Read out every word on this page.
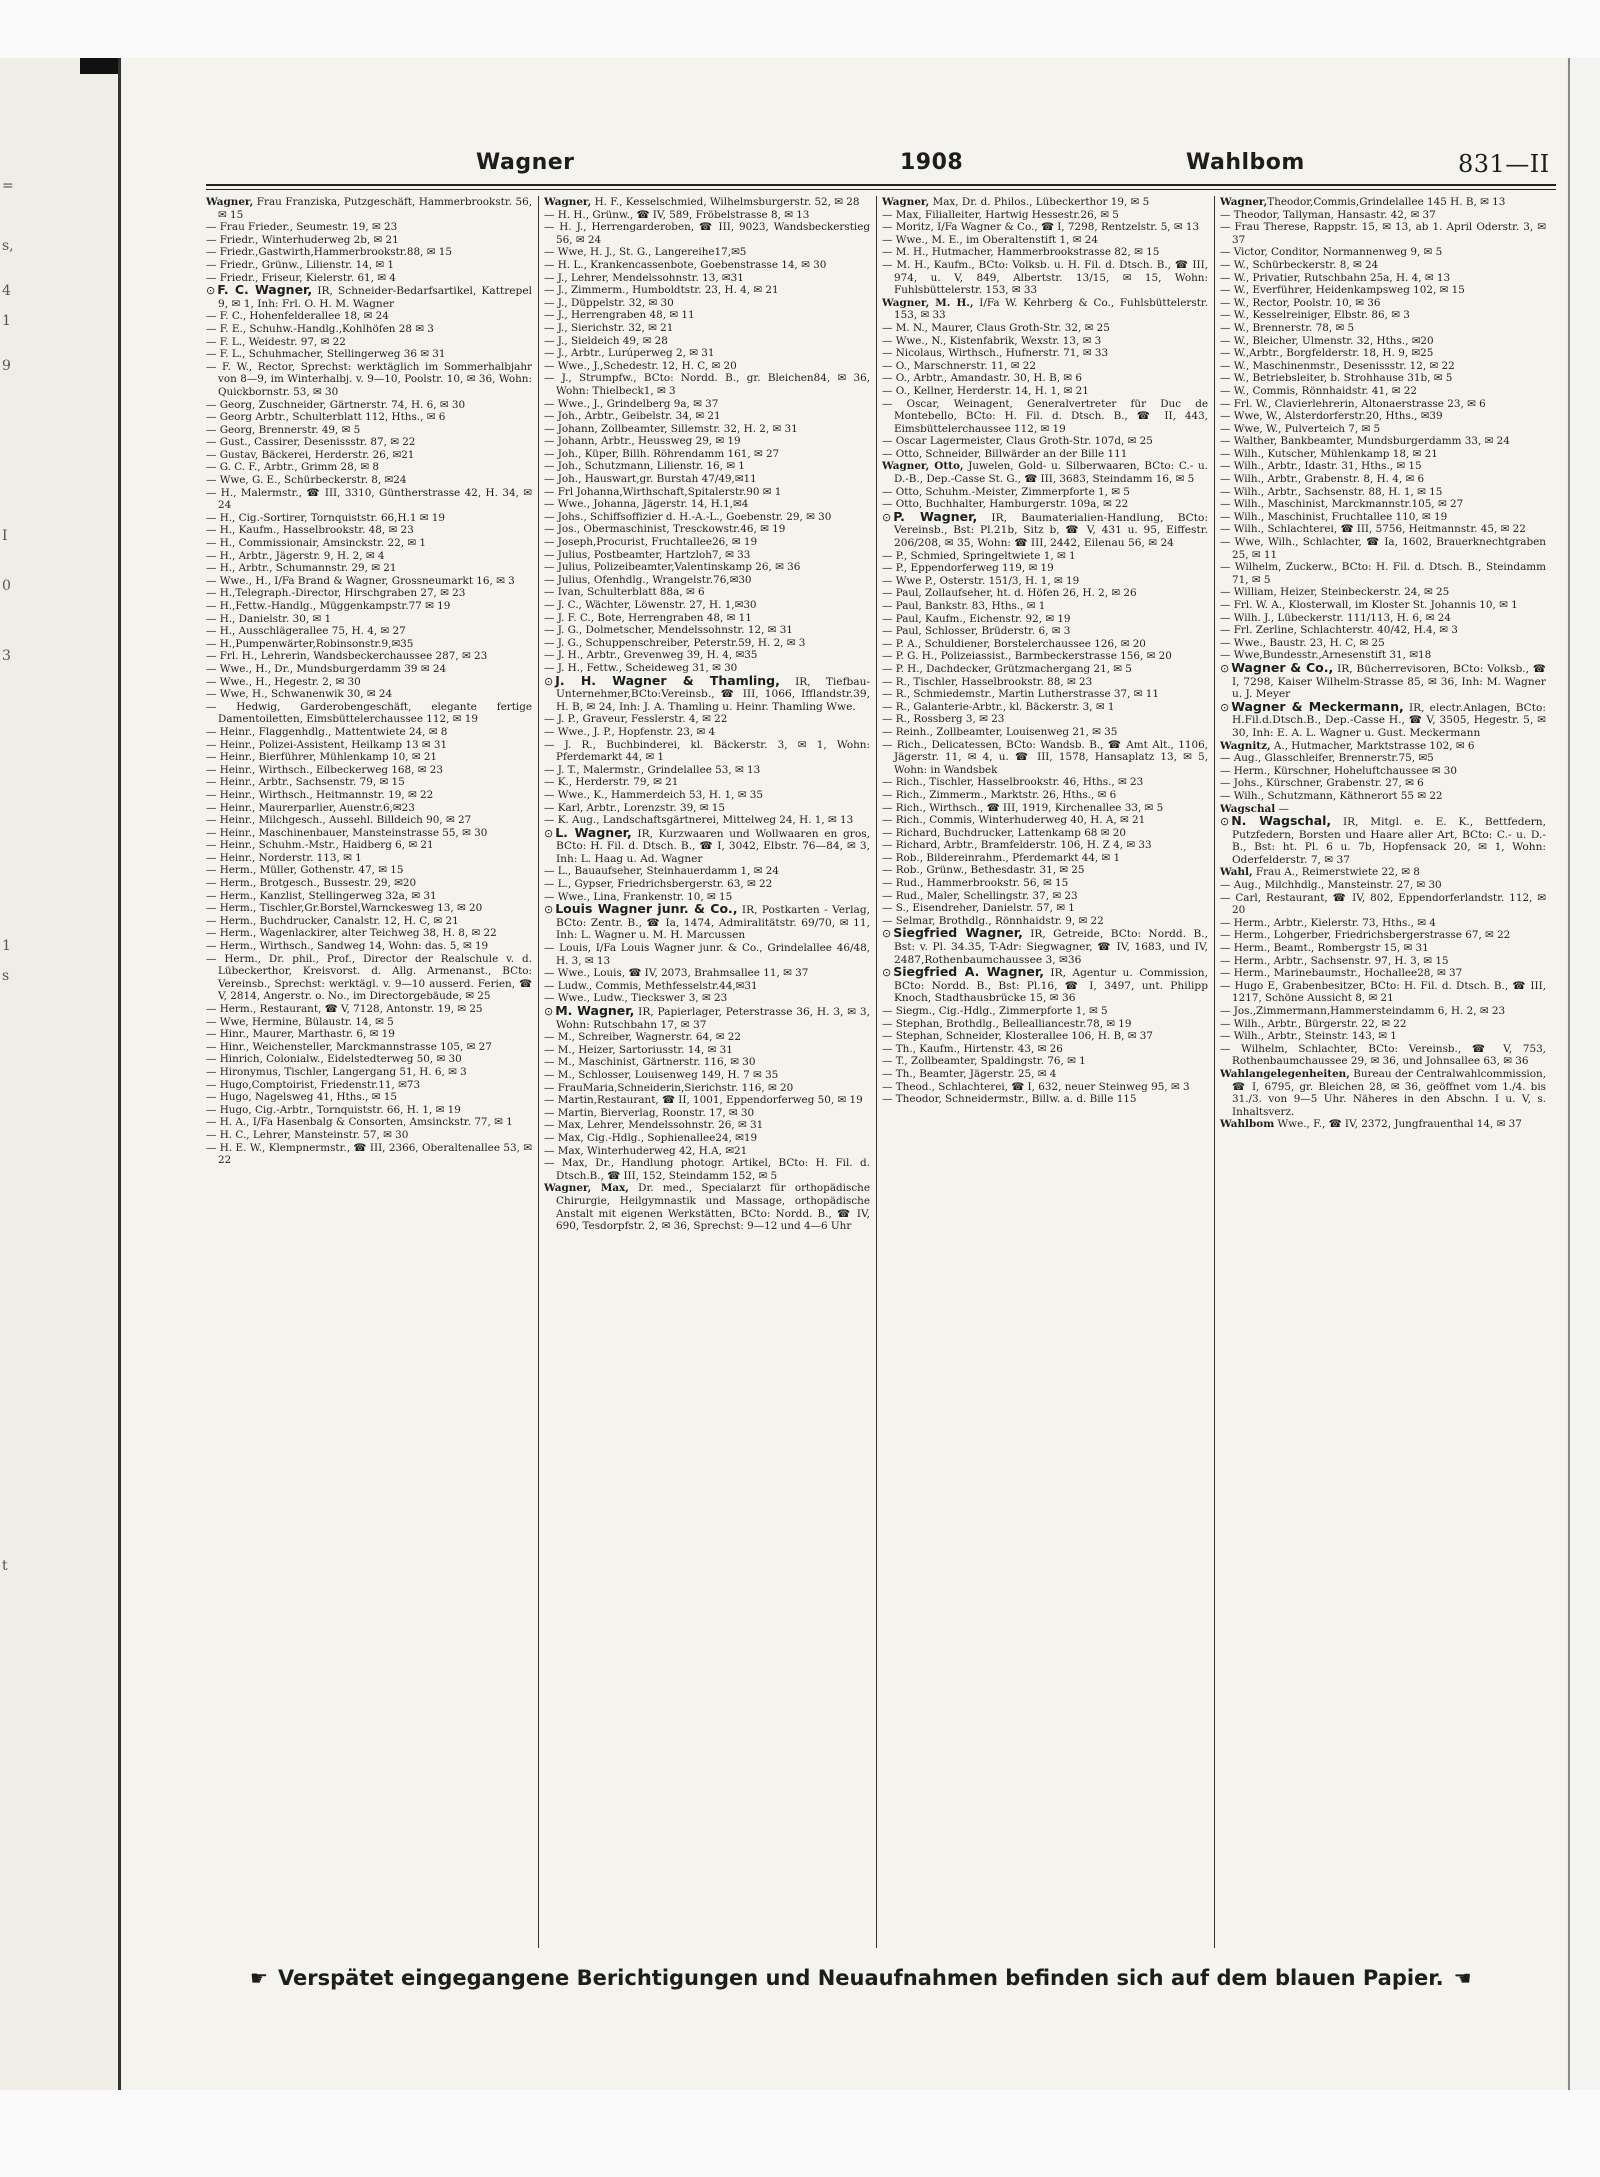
=
s,
4
1
9
I
0
3
1
s
t
Wagner	1908	Wahlbom	831—II
Wagner, Frau Franziska, Putzgeschäft, Hammerbrookstr. 56, ✉ 15
— Frau Frieder., Seumestr. 19, ✉ 23
— Friedr., Winterhuderweg 2b, ✉ 21
— Friedr.,Gastwirth,Hammerbrookstr.88, ✉ 15
— Friedr., Grünw., Lilienstr. 14, ✉ 1
— Friedr., Friseur, Kielerstr. 61, ✉ 4
⊙ F. C. Wagner, IR, Schneider-Bedarfsartikel, Kattrepel 9, ✉ 1, Inh: Frl. O. H. M. Wagner
— F. C., Hohenfelderallee 18, ✉ 24
— F. E., Schuhw.-Handlg.,Kohlhöfen 28 ✉ 3
— F. L., Weidestr. 97, ✉ 22
— F. L., Schuhmacher, Stellingerweg 36 ✉ 31
— F. W., Rector, Sprechst: werktäglich im Sommerhalbjahr von 8—9, im Winterhalbj. v. 9—10, Poolstr. 10, ✉ 36, Wohn: Quickbornstr. 53, ✉ 30
— Georg, Zuschneider, Gärtnerstr. 74, H. 6, ✉ 30
— Georg Arbtr., Schulterblatt 112, Hths., ✉ 6
— Georg, Brennerstr. 49, ✉ 5
— Gust., Cassirer, Desenissstr. 87, ✉ 22
— Gustav, Bäckerei, Herderstr. 26, ✉21
— G. C. F., Arbtr., Grimm 28, ✉ 8
— Wwe, G. E., Schürbeckerstr. 8, ✉24
— H., Malermstr., ☎ III, 3310, Güntherstrasse 42, H. 34, ✉ 24
— H., Cig.-Sortirer, Tornquiststr. 66,H.1 ✉ 19
— H., Kaufm., Hasselbrookstr. 48, ✉ 23
— H., Commissionair, Amsinckstr. 22, ✉ 1
— H., Arbtr., Jägerstr. 9, H. 2, ✉ 4
— H., Arbtr., Schumannstr. 29, ✉ 21
— Wwe., H., I/Fa Brand & Wagner, Grossneumarkt 16, ✉ 3
— H.,Telegraph.-Director, Hirschgraben 27, ✉ 23
— H.,Fettw.-Handlg., Müggenkampstr.77 ✉ 19
— H., Danielstr. 30, ✉ 1
— H., Ausschlägerallee 75, H. 4, ✉ 27
— H.,Pumpenwärter,Robinsonstr.9,✉35
— Frl. H., Lehrerin, Wandsbeckerchaussee 287, ✉ 23
— Wwe., H., Dr., Mundsburgerdamm 39 ✉ 24
— Wwe., H., Hegestr. 2, ✉ 30
— Wwe, H., Schwanenwik 30, ✉ 24
— Hedwig, Garderobengeschäft, elegante fertige Damentoiletten, Eimsbüttelerchaussee 112, ✉ 19
— Heinr., Flaggenhdlg., Mattentwiete 24, ✉ 8
— Heinr., Polizei-Assistent, Heilkamp 13 ✉ 31
— Heinr., Bierführer, Mühlenkamp 10, ✉ 21
— Heinr., Wirthsch., Eilbeckerweg 168, ✉ 23
— Heinr., Arbtr., Sachsenstr. 79, ✉ 15
— Heinr., Wirthsch., Heitmannstr. 19, ✉ 22
— Heinr., Maurerparlier, Auenstr.6,✉23
— Heinr., Milchgesch., Aussehl. Billdeich 90, ✉ 27
— Heinr., Maschinenbauer, Mansteinstrasse 55, ✉ 30
— Heinr., Schuhm.-Mstr., Haidberg 6, ✉ 21
— Heinr., Norderstr. 113, ✉ 1
— Herm., Müller, Gothenstr. 47, ✉ 15
— Herm., Brotgesch., Bussestr. 29, ✉20
— Herm., Kanzlist, Stellingerweg 32a, ✉ 31
— Herm., Tischler,Gr.Borstel,Warnckesweg 13, ✉ 20
— Herm., Buchdrucker, Canalstr. 12, H. C, ✉ 21
— Herm., Wagenlackirer, alter Teichweg 38, H. 8, ✉ 22
— Herm., Wirthsch., Sandweg 14, Wohn: das. 5, ✉ 19
— Herm., Dr. phil., Prof., Director der Realschule v. d. Lübeckerthor, Kreisvorst. d. Allg. Armenanst., BCto: Vereinsb., Sprechst: werktägl. v. 9—10 ausserd. Ferien, ☎ V, 2814, Angerstr. o. No., im Directorgebäude, ✉ 25
— Herm., Restaurant, ☎ V, 7128, Antonstr. 19, ✉ 25
— Wwe, Hermine, Bülaustr. 14, ✉ 5
— Hinr., Maurer, Marthastr. 6, ✉ 19
— Hinr., Weichensteller, Marckmannstrasse 105, ✉ 27
— Hinrich, Colonialw., Eidelstedterweg 50, ✉ 30
— Hironymus, Tischler, Langergang 51, H. 6, ✉ 3
— Hugo,Comptoirist, Friedenstr.11, ✉73
— Hugo, Nagelsweg 41, Hths., ✉ 15
— Hugo, Cig.-Arbtr., Tornquiststr. 66, H. 1, ✉ 19
— H. A., I/Fa Hasenbalg & Consorten, Amsinckstr. 77, ✉ 1
— H. C., Lehrer, Mansteinstr. 57, ✉ 30
— H. E. W., Klempnermstr., ☎ III, 2366, Oberaltenallee 53, ✉ 22
Wagner, H. F., Kesselschmied, Wilhelmsburgerstr. 52, ✉ 28
— H. H., Grünw., ☎ IV, 589, Fröbelstrasse 8, ✉ 13
— H. J., Herrengarderoben, ☎ III, 9023, Wandsbeckerstieg 56, ✉ 24
— Wwe, H. J., St. G., Langereihe17,✉5
— H. L., Krankencassenbote, Goebenstrasse 14, ✉ 30
— J., Lehrer, Mendelssohnstr. 13, ✉31
— J., Zimmerm., Humboldtstr. 23, H. 4, ✉ 21
— J., Düppelstr. 32, ✉ 30
— J., Herrengraben 48, ✉ 11
— J., Sierichstr. 32, ✉ 21
— J., Sieldeich 49, ✉ 28
— J., Arbtr., Lurúperweg 2, ✉ 31
— Wwe., J.,Schedestr. 12, H. C, ✉ 20
— J., Strumpfw., BCto: Nordd. B., gr. Bleichen84, ✉ 36, Wohn: Thielbeck1, ✉ 3
— Wwe., J., Grindelberg 9a, ✉ 37
— Joh., Arbtr., Geibelstr. 34, ✉ 21
— Johann, Zollbeamter, Sillemstr. 32, H. 2, ✉ 31
— Johann, Arbtr., Heussweg 29, ✉ 19
— Joh., Küper, Billh. Röhrendamm 161, ✉ 27
— Joh., Schutzmann, Lilienstr. 16, ✉ 1
— Joh., Hauswart,gr. Burstah 47/49,✉11
— Frl Johanna,Wirthschaft,Spitalerstr.90 ✉ 1
— Wwe., Johanna, Jägerstr. 14, H.1,✉4
— Johs., Schiffsoffizier d. H.-A.-L., Goebenstr. 29, ✉ 30
— Jos., Obermaschinist, Tresckowstr.46, ✉ 19
— Joseph,Procurist, Fruchtallee26, ✉ 19
— Julius, Postbeamter, Hartzloh7, ✉ 33
— Julius, Polizeibeamter,Valentinskamp 26, ✉ 36
— Julius, Ofenhdlg., Wrangelstr.76,✉30
— Ivan, Schulterblatt 88a, ✉ 6
— J. C., Wächter, Löwenstr. 27, H. 1,✉30
— J. F. C., Bote, Herrengraben 48, ✉ 11
— J. G., Dolmetscher, Mendelssohnstr. 12, ✉ 31
— J. G., Schuppenschreiber, Peterstr.59, H. 2, ✉ 3
— J. H., Arbtr., Grevenweg 39, H. 4, ✉35
— J. H., Fettw., Scheideweg 31, ✉ 30
⊙ J. H. Wagner & Thamling, IR, Tiefbau-Unternehmer,BCto:Vereinsb., ☎ III, 1066, Ifflandstr.39, H. B, ✉ 24, Inh: J. A. Thamling u. Heinr. Thamling Wwe.
— J. P., Graveur, Fesslerstr. 4, ✉ 22
— Wwe., J. P., Hopfenstr. 23, ✉ 4
— J. R., Buchbinderei, kl. Bäckerstr. 3, ✉ 1, Wohn: Pferdemarkt 44, ✉ 1
— J. T., Malermstr., Grindelallee 53, ✉ 13
— K., Herderstr. 79, ✉ 21
— Wwe., K., Hammerdeich 53, H. 1, ✉ 35
— Karl, Arbtr., Lorenzstr. 39, ✉ 15
— K. Aug., Landschaftsgärtnerei, Mittelweg 24, H. 1, ✉ 13
⊙ L. Wagner, IR, Kurzwaaren und Wollwaaren en gros, BCto: H. Fil. d. Dtsch. B., ☎ I, 3042, Elbstr. 76—84, ✉ 3, Inh: L. Haag u. Ad. Wagner
— L., Bauaufseher, Steinhauerdamm 1, ✉ 24
— L., Gypser, Friedrichsbergerstr. 63, ✉ 22
— Wwe., Lina, Frankenstr. 10, ✉ 15
⊙ Louis Wagner junr. & Co., IR, Postkarten - Verlag, BCto: Zentr. B., ☎ Ia, 1474, Admiralitätstr. 69/70, ✉ 11, Inh: L. Wagner u. M. H. Marcussen
— Louis, I/Fa Louis Wagner junr. & Co., Grindelallee 46/48, H. 3, ✉ 13
— Wwe., Louis, ☎ IV, 2073, Brahmsallee 11, ✉ 37
— Ludw., Commis, Methfesselstr.44,✉31
— Wwe., Ludw., Tieckswег 3, ✉ 23
⊙ M. Wagner, IR, Papierlager, Peterstrasse 36, H. 3, ✉ 3, Wohn: Rutschbahn 17, ✉ 37
— M., Schreiber, Wagnerstr. 64, ✉ 22
— M., Heizer, Sartoriusstr. 14, ✉ 31
— M., Maschinist, Gärtnerstr. 116, ✉ 30
— M., Schlosser, Louisenweg 149, H. 7 ✉ 35
— FrauMaria,Schneiderin,Sierichstr. 116, ✉ 20
— Martin,Restaurant, ☎ II, 1001, Eppendorferweg 50, ✉ 19
— Martin, Bierverlag, Roonstr. 17, ✉ 30
— Max, Lehrer, Mendelssohnstr. 26, ✉ 31
— Max, Cig.-Hdlg., Sophienallee24, ✉19
— Max, Winterhuderweg 42, H.A, ✉21
— Max, Dr., Handlung photogr. Artikel, BCto: H. Fil. d. Dtsch.B., ☎ III, 152, Steindamm 152, ✉ 5
Wagner, Max, Dr. med., Specialarzt für orthopädische Chirurgie, Heilgymnastik und Massage, orthopädische Anstalt mit eigenen Werkstätten, BCto: Nordd. B., ☎ IV, 690, Tesdorpfstr. 2, ✉ 36, Sprechst: 9—12 und 4—6 Uhr
Wagner, Max, Dr. d. Philos., Lübeckerthor 19, ✉ 5
— Max, Filialleiter, Hartwig Hessestr.26, ✉ 5
— Moritz, I/Fa Wagner & Co., ☎ I, 7298, Rentzelstr. 5, ✉ 13
— Wwe., M. E., im Oberaltenstift 1, ✉ 24
— M. H., Hutmacher, Hammerbrookstrasse 82, ✉ 15
— M. H., Kaufm., BCto: Volksb. u. H. Fil. d. Dtsch. B., ☎ III, 974, u. V, 849, Albertstr. 13/15, ✉ 15, Wohn: Fuhlsbüttelerstr. 153, ✉ 33
Wagner, M. H., I/Fa W. Kehrberg & Co., Fuhlsbüttelerstr. 153, ✉ 33
— M. N., Maurer, Claus Groth-Str. 32, ✉ 25
— Wwe., N., Kistenfabrik, Wexstr. 13, ✉ 3
— Nicolaus, Wirthsch., Hufnerstr. 71, ✉ 33
— O., Marschnerstr. 11, ✉ 22
— O., Arbtr., Amandastr. 30, H. B, ✉ 6
— O., Kellner, Herderstr. 14, H. 1, ✉ 21
— Oscar, Weinagent, Generalvertreter für Duc de Montebello, BCto: H. Fil. d. Dtsch. B., ☎ II, 443, Eimsbüttelerchaussee 112, ✉ 19
— Oscar Lagermeister, Claus Groth-Str. 107d, ✉ 25
— Otto, Schneider, Billwärder an der Bille 111
Wagner, Otto, Juwelen, Gold- u. Silberwaaren, BCto: C.- u. D.-B., Dep.-Casse St. G., ☎ III, 3683, Steindamm 16, ✉ 5
— Otto, Schuhm.-Meister, Zimmerpforte 1, ✉ 5
— Otto, Buchhalter, Hamburgerstr. 109a, ✉ 22
⊙ P. Wagner, IR, Baumaterialien-Handlung, BCto: Vereinsb., Bst: Pl.21b, Sitz b, ☎ V, 431 u. 95, Eiffestr. 206/208, ✉ 35, Wohn: ☎ III, 2442, Eilenau 56, ✉ 24
— P., Schmied, Springeltwiete 1, ✉ 1
— P., Eppendorferweg 119, ✉ 19
— Wwe P., Osterstr. 151/3, H. 1, ✉ 19
— Paul, Zollaufseher, ht. d. Höfen 26, H. 2, ✉ 26
— Paul, Bankstr. 83, Hths., ✉ 1
— Paul, Kaufm., Eichenstr. 92, ✉ 19
— Paul, Schlosser, Brüderstr. 6, ✉ 3
— P. A., Schuldiener, Borstelerchaussee 126, ✉ 20
— P. G. H., Polizeiassist., Barmbeckerstrasse 156, ✉ 20
— P. H., Dachdecker, Grützmachergang 21, ✉ 5
— R., Tischler, Hasselbrookstr. 88, ✉ 23
— R., Schmiedemstr., Martin Lutherstrasse 37, ✉ 11
— R., Galanterie-Arbtr., kl. Bäckerstr. 3, ✉ 1
— R., Rossberg 3, ✉ 23
— Reinh., Zollbeamter, Louisenweg 21, ✉ 35
— Rich., Delicatessen, BCto: Wandsb. B., ☎ Amt Alt., 1106, Jägerstr. 11, ✉ 4, u. ☎ III, 1578, Hansaplatz 13, ✉ 5, Wohn: in Wandsbek
— Rich., Tischler, Hasselbrookstr. 46, Hths., ✉ 23
— Rich., Zimmerm., Marktstr. 26, Hths., ✉ 6
— Rich., Wirthsch., ☎ III, 1919, Kirchenallee 33, ✉ 5
— Rich., Commis, Winterhuderweg 40, H. A, ✉ 21
— Richard, Buchdrucker, Lattenkamp 68 ✉ 20
— Richard, Arbtr., Bramfelderstr. 106, H. Z 4, ✉ 33
— Rob., Bildereinrahm., Pferdemarkt 44, ✉ 1
— Rob., Grünw., Bethesdastr. 31, ✉ 25
— Rud., Hammerbrookstr. 56, ✉ 15
— Rud., Maler, Schellingstr. 37, ✉ 23
— S., Eisendreher, Danielstr. 57, ✉ 1
— Selmar, Brothdlg., Rönnhaidstr. 9, ✉ 22
⊙ Siegfried Wagner, IR, Getreide, BCto: Nordd. B., Bst: v. Pl. 34.35, T-Adr: Siegwagner, ☎ IV, 1683, und IV, 2487,Rothenbaumchaussee 3, ✉36
⊙ Siegfried A. Wagner, IR, Agentur u. Commission, BCto: Nordd. B., Bst: Pl.16, ☎ I, 3497, unt. Philipp Knoch, Stadthausbrücke 15, ✉ 36
— Siegm., Cig.-Hdlg., Zimmerpforte 1, ✉ 5
— Stephan, Brothdlg., Bellealliancestr.78, ✉ 19
— Stephan, Schneider, Klosterallee 106, H. B, ✉ 37
— Th., Kaufm., Hirtenstr. 43, ✉ 26
— T., Zollbeamter, Spaldingstr. 76, ✉ 1
— Th., Beamter, Jägerstr. 25, ✉ 4
— Theod., Schlachterei, ☎ I, 632, neuer Steinweg 95, ✉ 3
— Theodor, Schneidermstr., Billw. a. d. Bille 115
Wagner,Theodor,Commis,Grindelallee 145 H. B, ✉ 13
— Theodor, Tallyman, Hansastr. 42, ✉ 37
— Frau Therese, Rappstr. 15, ✉ 13, ab 1. April Oderstr. 3, ✉ 37
— Victor, Conditor, Normannenweg 9, ✉ 5
— W., Schürbeckerstr. 8, ✉ 24
— W., Privatier, Rutschbahn 25a, H. 4, ✉ 13
— W., Everführer, Heidenkampsweg 102, ✉ 15
— W., Rector, Poolstr. 10, ✉ 36
— W., Kesselreiniger, Elbstr. 86, ✉ 3
— W., Brennerstr. 78, ✉ 5
— W., Bleicher, Ulmenstr. 32, Hths., ✉20
— W.,Arbtr., Borgfelderstr. 18, H. 9, ✉25
— W., Maschinenmstr., Desenissstr. 12, ✉ 22
— W., Betriebsleiter, b. Strohhause 31b, ✉ 5
— W., Commis, Rönnhaidstr. 41, ✉ 22
— Frl. W., Clavierlehrerin, Altonaerstrasse 23, ✉ 6
— Wwe, W., Alsterdorferstr.20, Hths., ✉39
— Wwe, W., Pulverteich 7, ✉ 5
— Walther, Bankbeamter, Mundsburgerdamm 33, ✉ 24
— Wilh., Kutscher, Mühlenkamp 18, ✉ 21
— Wilh., Arbtr., Idastr. 31, Hths., ✉ 15
— Wilh., Arbtr., Grabenstr. 8, H. 4, ✉ 6
— Wilh., Arbtr., Sachsenstr. 88, H. 1, ✉ 15
— Wilh., Maschinist, Marckmannstr.105, ✉ 27
— Wilh., Maschinist, Fruchtallee 110, ✉ 19
— Wilh., Schlachterei, ☎ III, 5756, Heitmannstr. 45, ✉ 22
— Wwe, Wilh., Schlachter, ☎ Ia, 1602, Brauerknechtgraben 25, ✉ 11
— Wilhelm, Zuckerw., BCto: H. Fil. d. Dtsch. B., Steindamm 71, ✉ 5
— William, Heizer, Steinbeckerstr. 24, ✉ 25
— Frl. W. A., Klosterwall, im Kloster St. Johannis 10, ✉ 1
— Wilh. J., Lübeckerstr. 111/113, H. 6, ✉ 24
— Frl. Zerline, Schlachterstr. 40/42, H.4, ✉ 3
— Wwe., Baustr. 23, H. C, ✉ 25
— Wwe,Bundesstr.,Arnesenstift 31, ✉18
⊙ Wagner & Co., IR, Bücherrevisoren, BCto: Volksb., ☎ I, 7298, Kaiser Wilhelm-Strasse 85, ✉ 36, Inh: M. Wagner u. J. Meyer
⊙ Wagner & Meckermann, IR, electr.Anlagen, BCto: H.Fil.d.Dtsch.B., Dep.-Casse H., ☎ V, 3505, Hegestr. 5, ✉ 30, Inh: E. A. L. Wagner u. Gust. Meckermann
Wagnitz, A., Hutmacher, Marktstrasse 102, ✉ 6
— Aug., Glasschleifer, Brennerstr.75, ✉5
— Herm., Kürschner, Hoheluftchaussee ✉ 30
— Johs., Kürschner, Grabenstr. 27, ✉ 6
— Wilh., Schutzmann, Käthnerort 55 ✉ 22
Wagschal —
⊙ N. Wagschal, IR, Mitgl. e. E. K., Bettfedern, Putzfedern, Borsten und Haare aller Art, BCto: C.- u. D.-B., Bst: ht. Pl. 6 u. 7b, Hopfensack 20, ✉ 1, Wohn: Oderfelderstr. 7, ✉ 37
Wahl, Frau A., Reimerstwiete 22, ✉ 8
— Aug., Milchhdlg., Mansteinstr. 27, ✉ 30
— Carl, Restaurant, ☎ IV, 802, Eppendorferlandstr. 112, ✉ 20
— Herm., Arbtr., Kielerstr. 73, Hths., ✉ 4
— Herm., Lohgerber, Friedrichsbergerstrasse 67, ✉ 22
— Herm., Beamt., Rombergstr 15, ✉ 31
— Herm., Arbtr., Sachsenstr. 97, H. 3, ✉ 15
— Herm., Marinebaumstr., Hochallee28, ✉ 37
— Hugo E, Grabenbesitzer, BCto: H. Fil. d. Dtsch. B., ☎ III, 1217, Schöne Aussicht 8, ✉ 21
— Jos.,Zimmermann,Hammersteindamm 6, H. 2, ✉ 23
— Wilh., Arbtr., Bürgerstr. 22, ✉ 22
— Wilh., Arbtr., Steinstr. 143, ✉ 1
— Wilhelm, Schlachter, BCto: Vereinsb., ☎ V, 753, Rothenbaumchaussee 29, ✉ 36, und Johnsallee 63, ✉ 36
Wahlangelegenheiten, Bureau der Centralwahlcommission, ☎ I, 6795, gr. Bleichen 28, ✉ 36, geöffnet vom 1./4. bis 31./3. von 9—5 Uhr. Näheres in den Abschn. I u. V, s. Inhaltsverz.
Wahlbom Wwe., F., ☎ IV, 2372, Jungfrauenthal 14, ✉ 37
☛ Verspätet eingegangene Berichtigungen und Neuaufnahmen befinden sich auf dem blauen Papier. ☚
